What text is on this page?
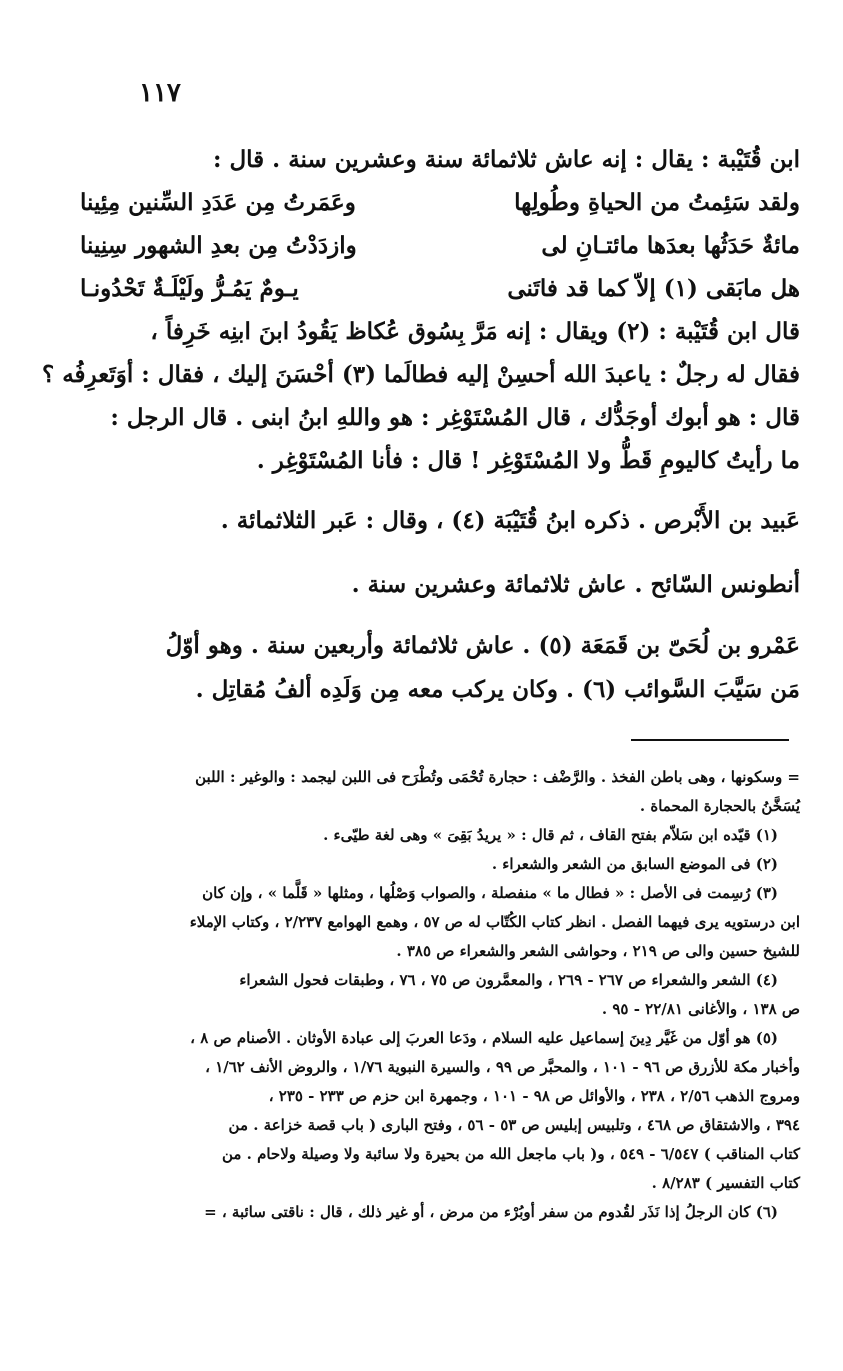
١١٧
ابن قُتَيْبة : يقال : إنه عاش ثلاثمائة سنة وعشرين سنة . قال :
ولقد سَئِمتُ من الحياةِ وطُولِها
وعَمَرتُ مِن عَدَدِ السِّنين مِئِينا
مائةٌ حَدَثُها بعدَها مائتـانِ لى
وازدَدْتُ مِن بعدِ الشهور سِنِينا
هل مابَقى (١) إلاّ كما قد فاتَنى
يـومٌ يَمُـرُّ ولَيْلَـةٌ تَحْدُونـا
قال ابن قُتَيْبة : (٢) ويقال : إنه مَرَّ بِسُوق عُكاظ يَقُودُ ابنَ ابنِه خَرِفاً ،
فقال له رجلٌ : ياعبدَ الله أحسِنْ إليه فطالَما (٣) أحْسَنَ إليك ، فقال : أوَتَعرِفُه ؟
قال : هو أبوك أوجَدُّك ، قال المُسْتَوْغِر : هو واللهِ ابنُ ابنى . قال الرجل :
ما رأيتُ كاليومِ قَطُّ ولا المُسْتَوْغِر ! قال : فأنا المُسْتَوْغِر .
عَبيد بن الأَبْرص . ذكره ابنُ قُتَيْبَة (٤) ، وقال : عَبر الثلاثمائة .
أنطونس السّائح . عاش ثلاثمائة وعشرين سنة .
عَمْرو بن لُحَىّ بن قَمَعَة (٥) . عاش ثلاثمائة وأربعين سنة . وهو أوّلُ
مَن سَيَّبَ السَّوائب (٦) . وكان يركب معه مِن وَلَدِه ألفُ مُقاتِل .
= وسكونها ، وهى باطن الفخذ . والرَّضْف : حجارة تُحْمَى وتُطْرَح فى اللبن ليجمد : والوغير : اللبن
يُسَخَّنُ بالحجارة المحماة .
(١) قيّده ابن سَلاّم بفتح القاف ، ثم قال : « يريدُ بَقِىَ » وهى لغة طيّىء .
(٢) فى الموضع السابق من الشعر والشعراء .
(٣) رُسِمت فى الأصل : « فطال ما » منفصلة ، والصواب وَصْلُها ، ومثلها « قَلَّما » ، وإن كان
ابن درستويه يرى فيهما الفصل . انظر كتاب الكُتّاب له ص ٥٧ ، وهمع الهوامع ٢/٢٣٧ ، وكتاب الإملاء
للشيخ حسين والى ص ٢١٩ ، وحواشى الشعر والشعراء ص ٣٨٥ .
(٤) الشعر والشعراء ص ٢٦٧ - ٢٦٩ ، والمعمَّرون ص ٧٥ ، ٧٦ ، وطبقات فحول الشعراء
ص ١٣٨ ، والأغانى ٢٢/٨١ - ٩٥ .
(٥) هو أوّل من غَيَّر دِينَ إسماعيل عليه السلام ، ودَعا العربَ إلى عبادة الأوثان . الأصنام ص ٨ ،
وأخبار مكة للأزرق ص ٩٦ - ١٠١ ، والمحبَّر ص ٩٩ ، والسيرة النبوية ١/٧٦ ، والروض الأنف ١/٦٢ ،
ومروج الذهب ٢/٥٦ ، ٢٣٨ ، والأوائل ص ٩٨ - ١٠١ ، وجمهرة ابن حزم ص ٢٣٣ - ٢٣٥ ،
٣٩٤ ، والاشتقاق ص ٤٦٨ ، وتلبيس إبليس ص ٥٣ - ٥٦ ، وفتح البارى ( باب قصة خزاعة . من
كتاب المناقب ) ٦/٥٤٧ - ٥٤٩ ، و( باب ماجعل الله من بحيرة ولا سائبة ولا وصيلة ولاحام . من
كتاب التفسير ) ٨/٢٨٣ .
(٦) كان الرجلُ إذا نَذَر لقُدوم من سفر أوبُرْء من مرض ، أو غير ذلك ، قال : ناقتى سائبة ، =
